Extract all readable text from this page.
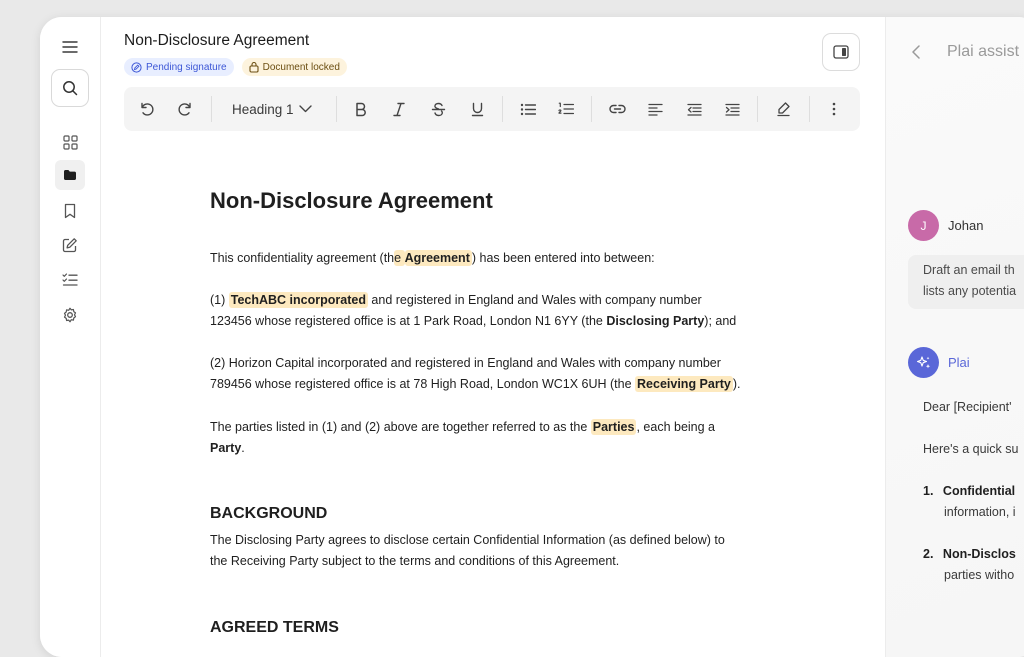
Non-Disclosure Agreement
Pending signature	Document locked
Heading 1
Non-Disclosure Agreement

This confidentiality agreement (the Agreement ) has been entered into between:

(1) TechABC incorporated and registered in England and Wales with company number
123456 whose registered office is at 1 Park Road, London N1 6YY (the Disclosing Party); and

(2) Horizon Capital incorporated and registered in England and Wales with company number
789456 whose registered office is at 78 High Road, London WC1X 6UH (the Receiving Party ).

The parties listed in (1) and (2) above are together referred to as the Parties , each being a
Party.

BACKGROUND

The Disclosing Party agrees to disclose certain Confidential Information (as defined below) to
the Receiving Party subject to the terms and conditions of this Agreement.

AGREED TERMS
Plai assist
J	Johan
Draft an email th
lists any potentia
Plai
Dear [Recipient'
Here's a quick su
1. Confidential
information, i
2. Non-Disclos
parties witho
